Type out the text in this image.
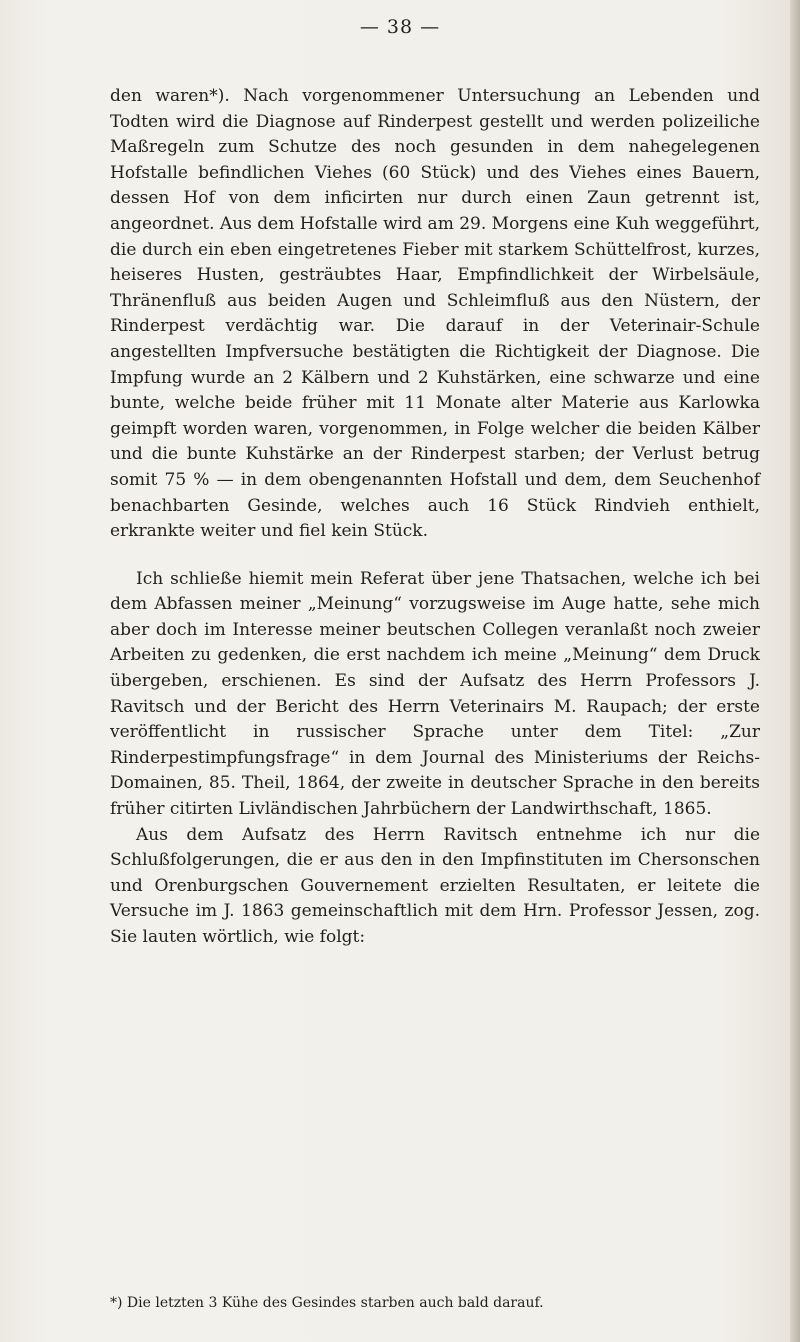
— 38 —

den waren*). Nach vorgenommener Untersuchung an Lebenden und Todten wird die Diagnose auf Rinderpest gestellt und werden polizeiliche Maßregeln zum Schutze des noch gesunden in dem nahegelegenen Hofstalle befindlichen Viehes (60 Stück) und des Viehes eines Bauern, dessen Hof von dem inficirten nur durch einen Zaun getrennt ist, angeordnet. Aus dem Hofstalle wird am 29. Morgens eine Kuh weggeführt, die durch ein eben eingetretenes Fieber mit starkem Schüttelfrost, kurzes, heiseres Husten, gesträubtes Haar, Empfindlichkeit der Wirbelsäule, Thränenfluß aus beiden Augen und Schleimfluß aus den Nüstern, der Rinderpest verdächtig war. Die darauf in der Veterinair-Schule angestellten Impfversuche bestätigten die Richtigkeit der Diagnose. Die Impfung wurde an 2 Kälbern und 2 Kuhstärken, eine schwarze und eine bunte, welche beide früher mit 11 Monate alter Materie aus Karlowka geimpft worden waren, vorgenommen, in Folge welcher die beiden Kälber und die bunte Kuhstärke an der Rinderpest starben; der Verlust betrug somit 75 % — in dem obengenannten Hofstall und dem, dem Seuchenhof benachbarten Gesinde, welches auch 16 Stück Rindvieh enthielt, erkrankte weiter und fiel kein Stück.

Ich schließe hiemit mein Referat über jene Thatsachen, welche ich bei dem Abfassen meiner „Meinung“ vorzugsweise im Auge hatte, sehe mich aber doch im Interesse meiner beutschen Collegen veranlaßt noch zweier Arbeiten zu gedenken, die erst nachdem ich meine „Meinung“ dem Druck übergeben, erschienen. Es sind der Aufsatz des Herrn Professors J. Ravitsch und der Bericht des Herrn Veterinairs M. Raupach; der erste veröffentlicht in russischer Sprache unter dem Titel: „Zur Rinderpestimpfungsfrage“ in dem Journal des Ministeriums der Reichs-Domainen, 85. Theil, 1864, der zweite in deutscher Sprache in den bereits früher citirten Livländischen Jahrbüchern der Landwirthschaft, 1865.

Aus dem Aufsatz des Herrn Ravitsch entnehme ich nur die Schlußfolgerungen, die er aus den in den Impfinstituten im Chersonschen und Orenburgschen Gouvernement erzielten Resultaten, er leitete die Versuche im J. 1863 gemeinschaftlich mit dem Hrn. Professor Jessen, zog. Sie lauten wörtlich, wie folgt:

*) Die letzten 3 Kühe des Gesindes starben auch bald darauf.
